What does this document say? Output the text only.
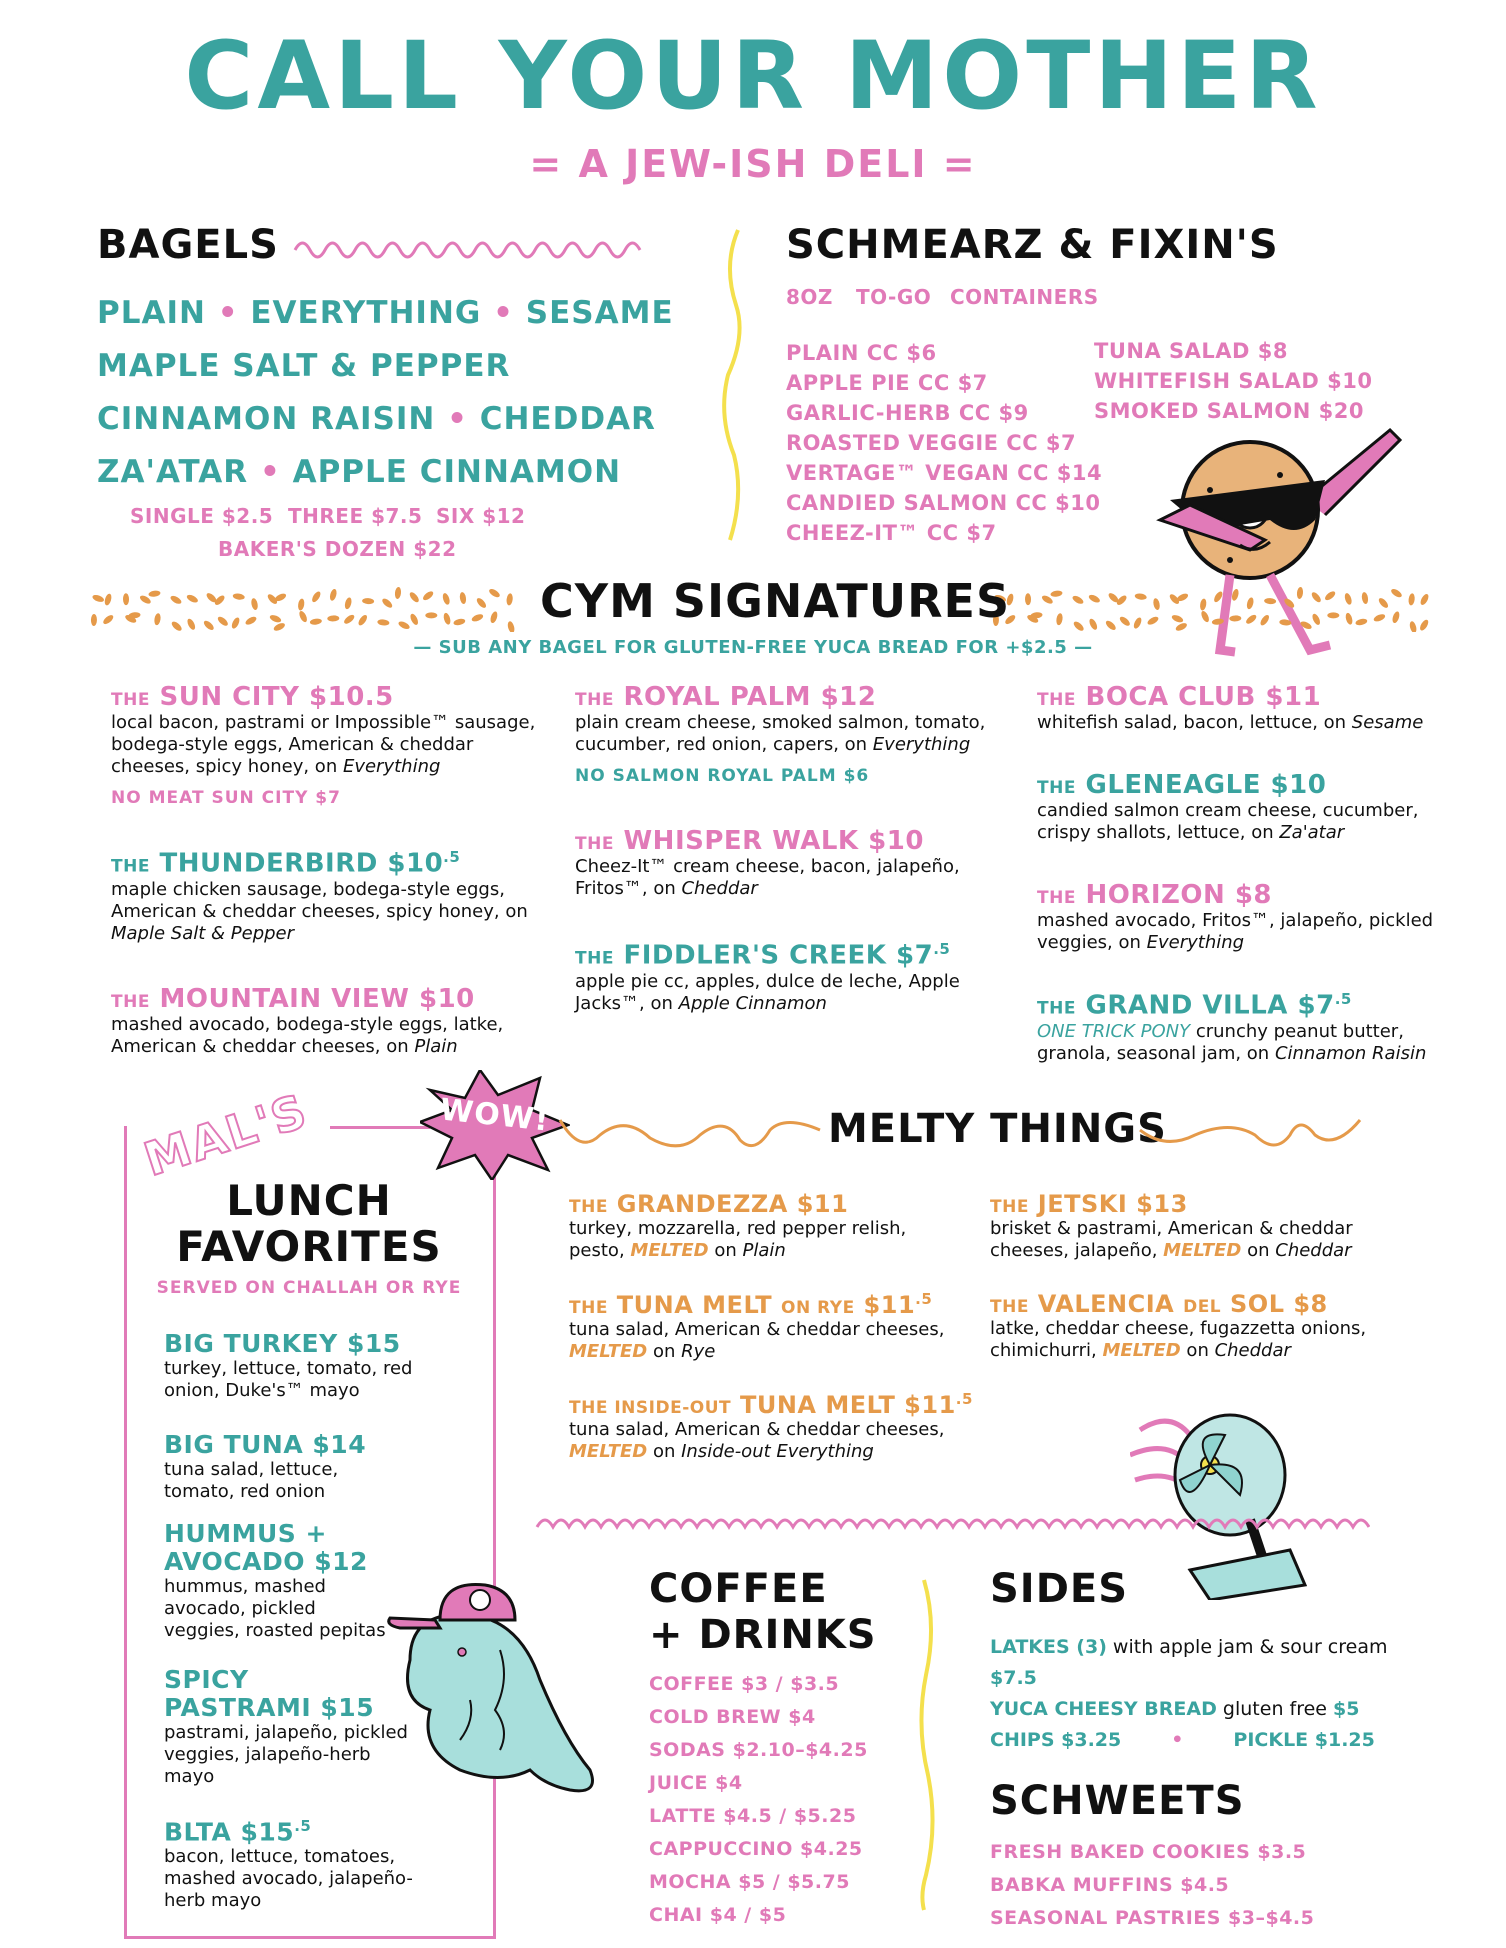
CALL YOUR MOTHER
= A JEW-ISH DELI =
BAGELS
PLAIN • EVERYTHING • SESAME
MAPLE SALT & PEPPER
CINNAMON RAISIN • CHEDDAR
ZA'ATAR • APPLE CINNAMON
SINGLE $2.5 THREE $7.5 SIX $12
BAKER'S DOZEN $22
SCHMEARZ & FIXIN'S
8OZ TO-GO CONTAINERS
PLAIN CC $6
APPLE PIE CC $7
GARLIC-HERB CC $9
ROASTED VEGGIE CC $7
VERTAGE™ VEGAN CC $14
CANDIED SALMON CC $10
CHEEZ-IT™ CC $7
TUNA SALAD $8
WHITEFISH SALAD $10
SMOKED SALMON $20
CYM SIGNATURES
— SUB ANY BAGEL FOR GLUTEN-FREE YUCA BREAD FOR +$2.5 —
THE SUN CITY $10.5
local bacon, pastrami or Impossible™ sausage,
bodega-style eggs, American & cheddar
cheeses, spicy honey, on Everything
NO MEAT SUN CITY $7
THE THUNDERBIRD $\$10^{.5}$
maple chicken sausage, bodega-style eggs,
American & cheddar cheeses, spicy honey, on
Maple Salt & Pepper
THE MOUNTAIN VIEW $10
mashed avocado, bodega-style eggs, latke,
American & cheddar cheeses, on Plain
THE ROYAL PALM $12
plain cream cheese, smoked salmon, tomato,
cucumber, red onion, capers, on Everything
NO SALMON ROYAL PALM $6
THE WHISPER WALK $10
Cheez-It™ cream cheese, bacon, jalapeño,
Fritos™, on Cheddar
THE FIDDLER'S CREEK $\$7^{.5}$
apple pie cc, apples, dulce de leche, Apple
Jacks™, on Apple Cinnamon
THE BOCA CLUB $11
whitefish salad, bacon, lettuce, on Sesame
THE GLENEAGLE $10
candied salmon cream cheese, cucumber,
crispy shallots, lettuce, on Za'atar
THE HORIZON $8
mashed avocado, Fritos™, jalapeño, pickled
veggies, on Everything
THE GRAND VILLA $\$7^{.5}$
ONE TRICK PONY crunchy peanut butter,
granola, seasonal jam, on Cinnamon Raisin
MAL'S	WOW!
LUNCH
FAVORITES
SERVED ON CHALLAH OR RYE
BIG TURKEY $15
turkey, lettuce, tomato, red
onion, Duke's™ mayo
BIG TUNA $14
tuna salad, lettuce,
tomato, red onion
HUMMUS +
AVOCADO $12
hummus, mashed
avocado, pickled
veggies, roasted pepitas
SPICY
PASTRAMI $15
pastrami, jalapeño, pickled
veggies, jalapeño-herb
mayo
BLTA $\$15^{.5}$
bacon, lettuce, tomatoes,
mashed avocado, jalapeño-
herb mayo
MELTY THINGS
THE GRANDEZZA $11
turkey, mozzarella, red pepper relish,
pesto, MELTED on Plain
THE TUNA MELT ON RYE $\$11^{.5}$
tuna salad, American & cheddar cheeses,
MELTED on Rye
THE INSIDE-OUT TUNA MELT $\$11^{.5}$
tuna salad, American & cheddar cheeses,
MELTED on Inside-out Everything
THE JETSKI $13
brisket & pastrami, American & cheddar
cheeses, jalapeño, MELTED on Cheddar
THE VALENCIA DEL SOL $8
latke, cheddar cheese, fugazzetta onions,
chimichurri, MELTED on Cheddar
COFFEE
+ DRINKS
COFFEE $3 / $3.5
COLD BREW $4
SODAS $2.10–$4.25
JUICE $4
LATTE $4.5 / $5.25
CAPPUCCINO $4.25
MOCHA $5 / $5.75
CHAI $4 / $5
SIDES
LATKES (3) with apple jam & sour cream $7.5
YUCA CHEESY BREAD gluten free $5
CHIPS $3.25	•	PICKLE $1.25
SCHWEETS
FRESH BAKED COOKIES $3.5
BABKA MUFFINS $4.5
SEASONAL PASTRIES $3–$4.5
